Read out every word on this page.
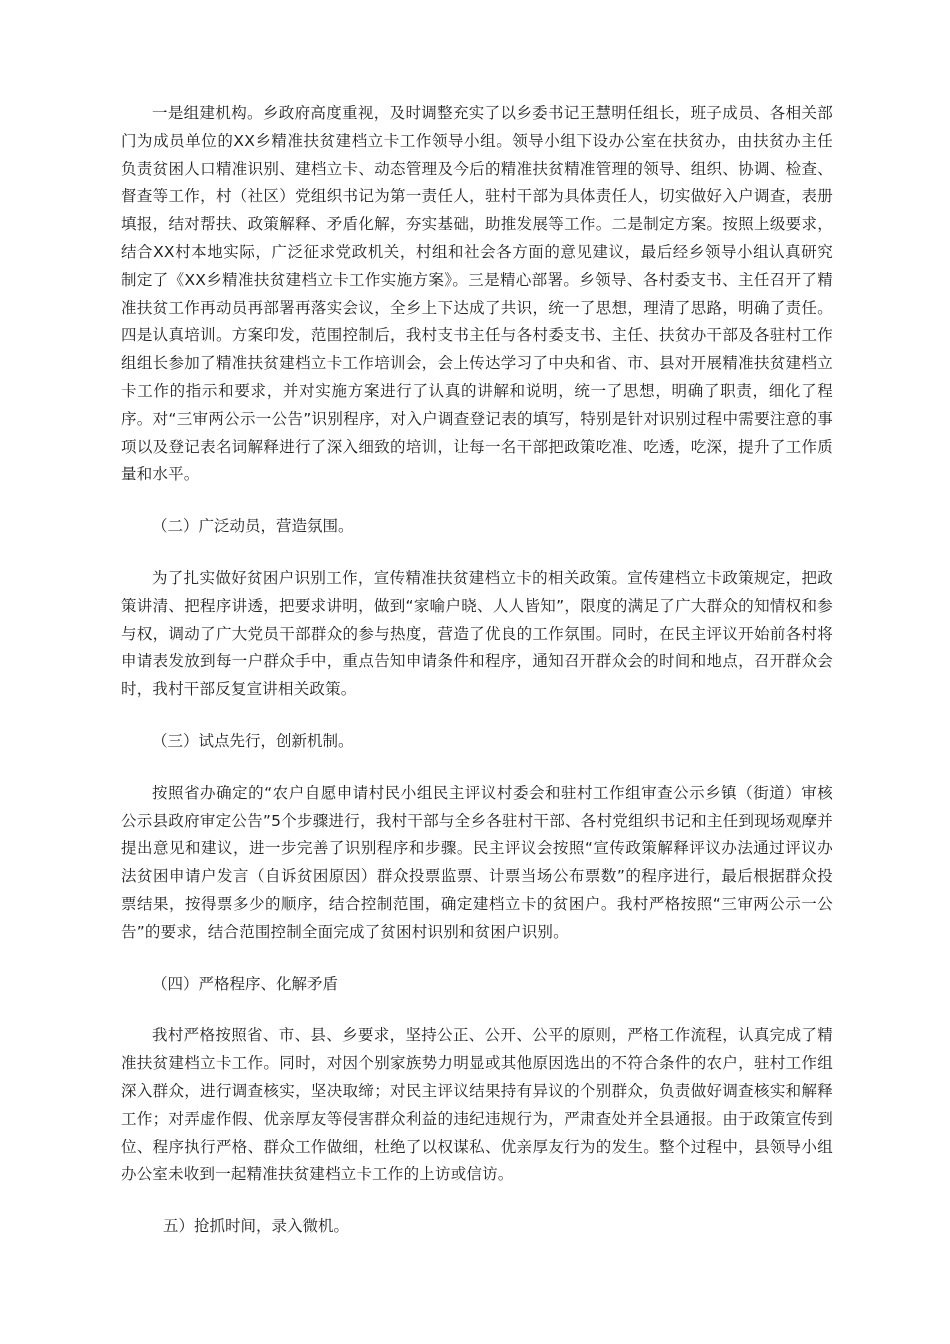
一是组建机构。乡政府高度重视，及时调整充实了以乡委书记王慧明任组长，班子成员、各相关部门为成员单位的XX乡精准扶贫建档立卡工作领导小组。领导小组下设办公室在扶贫办，由扶贫办主任负责贫困人口精准识别、建档立卡、动态管理及今后的精准扶贫精准管理的领导、组织、协调、检查、督查等工作，村（社区）党组织书记为第一责任人，驻村干部为具体责任人，切实做好入户调查，表册填报，结对帮扶、政策解释、矛盾化解，夯实基础，助推发展等工作。二是制定方案。按照上级要求，结合XX村本地实际，广泛征求党政机关，村组和社会各方面的意见建议，最后经乡领导小组认真研究制定了《XX乡精准扶贫建档立卡工作实施方案》。三是精心部署。乡领导、各村委支书、主任召开了精准扶贫工作再动员再部署再落实会议，全乡上下达成了共识，统一了思想，理清了思路，明确了责任。四是认真培训。方案印发，范围控制后，我村支书主任与各村委支书、主任、扶贫办干部及各驻村工作组组长参加了精准扶贫建档立卡工作培训会，会上传达学习了中央和省、市、县对开展精准扶贫建档立卡工作的指示和要求，并对实施方案进行了认真的讲解和说明，统一了思想，明确了职责，细化了程序。对“三审两公示一公告”识别程序，对入户调查登记表的填写，特别是针对识别过程中需要注意的事项以及登记表名词解释进行了深入细致的培训，让每一名干部把政策吃准、吃透，吃深，提升了工作质量和水平。

（二）广泛动员，营造氛围。

为了扎实做好贫困户识别工作，宣传精准扶贫建档立卡的相关政策。宣传建档立卡政策规定，把政策讲清、把程序讲透，把要求讲明，做到“家喻户晓、人人皆知”，限度的满足了广大群众的知情权和参与权，调动了广大党员干部群众的参与热度，营造了优良的工作氛围。同时，在民主评议开始前各村将申请表发放到每一户群众手中，重点告知申请条件和程序，通知召开群众会的时间和地点，召开群众会时，我村干部反复宣讲相关政策。

（三）试点先行，创新机制。

按照省办确定的“农户自愿申请村民小组民主评议村委会和驻村工作组审查公示乡镇（街道）审核公示县政府审定公告”5个步骤进行，我村干部与全乡各驻村干部、各村党组织书记和主任到现场观摩并提出意见和建议，进一步完善了识别程序和步骤。民主评议会按照“宣传政策解释评议办法通过评议办法贫困申请户发言（自诉贫困原因）群众投票监票、计票当场公布票数”的程序进行，最后根据群众投票结果，按得票多少的顺序，结合控制范围，确定建档立卡的贫困户。我村严格按照“三审两公示一公告”的要求，结合范围控制全面完成了贫困村识别和贫困户识别。

（四）严格程序、化解矛盾

我村严格按照省、市、县、乡要求，坚持公正、公开、公平的原则，严格工作流程，认真完成了精准扶贫建档立卡工作。同时，对因个别家族势力明显或其他原因选出的不符合条件的农户，驻村工作组深入群众，进行调查核实，坚决取缔；对民主评议结果持有异议的个别群众，负责做好调查核实和解释工作；对弄虚作假、优亲厚友等侵害群众利益的违纪违规行为，严肃查处并全县通报。由于政策宣传到位、程序执行严格、群众工作做细，杜绝了以权谋私、优亲厚友行为的发生。整个过程中，县领导小组办公室未收到一起精准扶贫建档立卡工作的上访或信访。

五）抢抓时间，录入微机。
